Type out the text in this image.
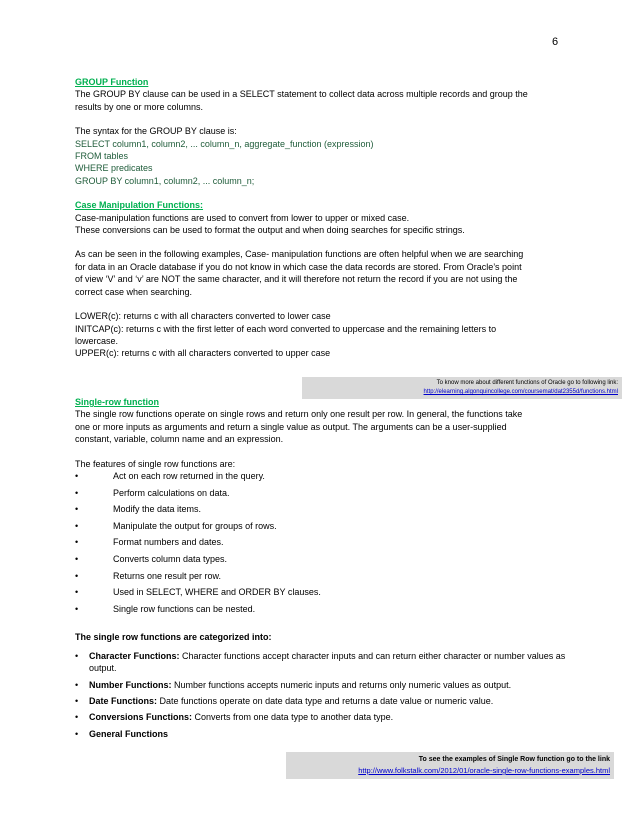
6
GROUP Function
The GROUP BY clause can be used in a SELECT statement to collect data across multiple records and group the
results by one or more columns.
The syntax for the GROUP BY clause is:
SELECT column1, column2, ... column_n, aggregate_function (expression)
FROM tables
WHERE predicates
GROUP BY column1, column2, ... column_n;
Case Manipulation Functions:
Case-manipulation functions are used to convert from lower to upper or mixed case.
These conversions can be used to format the output and when doing searches for specific strings.
As can be seen in the following examples, Case- manipulation functions are often helpful when we are searching
for data in an Oracle database if you do not know in which case the data records are stored. From Oracle’s point
of view ‘V’ and ‘v’ are NOT the same character, and it will therefore not return the record if you are not using the
correct case when searching.
LOWER(c): returns c with all characters converted to lower case
INITCAP(c): returns c with the first letter of each word converted to uppercase and the remaining letters to
lowercase.
UPPER(c): returns c with all characters converted to upper case
To know more about different functions of Oracle go to following link:
http://elearning.algonquincollege.com/coursemat/dat2355d/functions.html
Single-row function
The single row functions operate on single rows and return only one result per row. In general, the functions take
one or more inputs as arguments and return a single value as output. The arguments can be a user-supplied
constant, variable, column name and an expression.
The features of single row functions are:
•	Act on each row returned in the query.
•	Perform calculations on data.
•	Modify the data items.
•	Manipulate the output for groups of rows.
•	Format numbers and dates.
•	Converts column data types.
•	Returns one result per row.
•	Used in SELECT, WHERE and ORDER BY clauses.
•	Single row functions can be nested.
The single row functions are categorized into:
• Character Functions: Character functions accept character inputs and can return either character or number values as output.
• Number Functions: Number functions accepts numeric inputs and returns only numeric values as output.
• Date Functions: Date functions operate on date data type and returns a date value or numeric value.
• Conversions Functions: Converts from one data type to another data type.
• General Functions
To see the examples of Single Row function go to the link
http://www.folkstalk.com/2012/01/oracle-single-row-functions-examples.html
